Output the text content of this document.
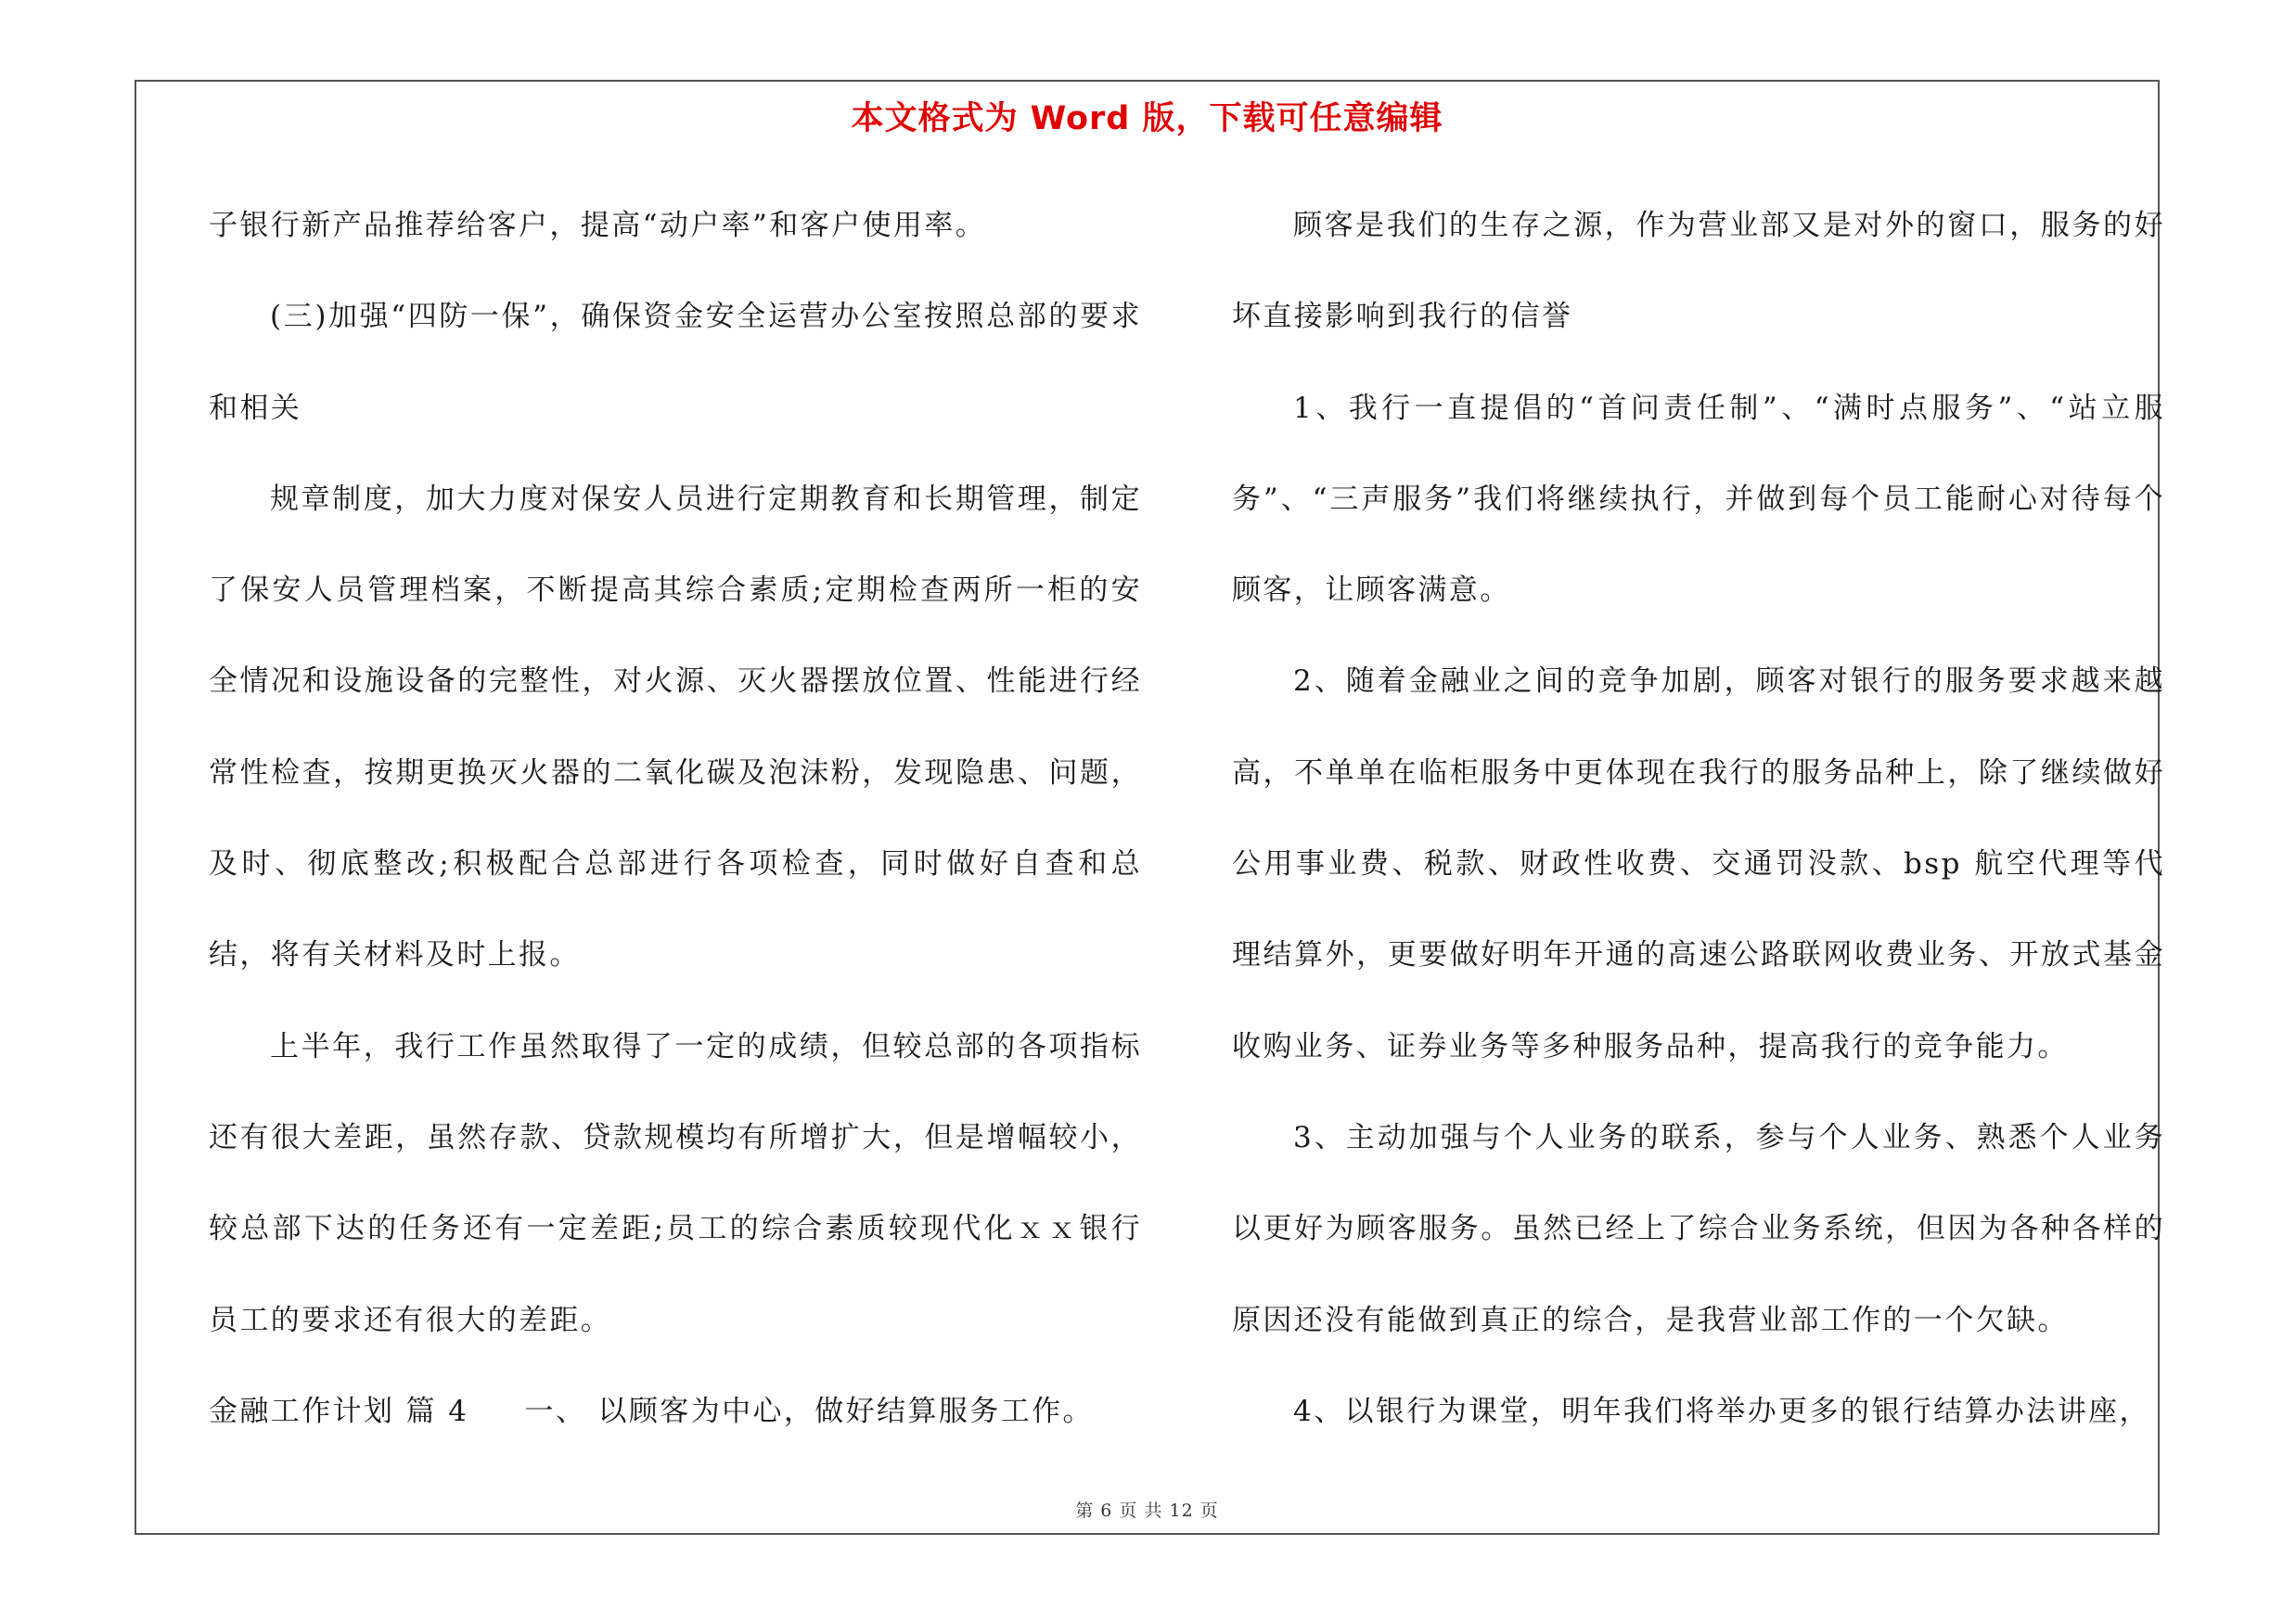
本文格式为 Word 版，下载可任意编辑

子银行新产品推荐给客户，提高“动户率”和客户使用率。

(三)加强“四防一保”，确保资金安全运营办公室按照总部的要求和相关

规章制度，加大力度对保安人员进行定期教育和长期管理，制定了保安人员管理档案，不断提高其综合素质;定期检查两所一柜的安全情况和设施设备的完整性，对火源、灭火器摆放位置、性能进行经常性检查，按期更换灭火器的二氧化碳及泡沫粉，发现隐患、问题，及时、彻底整改;积极配合总部进行各项检查，同时做好自查和总结，将有关材料及时上报。

上半年，我行工作虽然取得了一定的成绩，但较总部的各项指标还有很大差距，虽然存款、贷款规模均有所增扩大，但是增幅较小，较总部下达的任务还有一定差距;员工的综合素质较现代化ｘｘ银行员工的要求还有很大的差距。

金融工作计划 篇 4 一、 以顾客为中心，做好结算服务工作。

顾客是我们的生存之源，作为营业部又是对外的窗口，服务的好坏直接影响到我行的信誉

1、我行一直提倡的“首问责任制”、“满时点服务”、“站立服务”、“三声服务”我们将继续执行，并做到每个员工能耐心对待每个顾客，让顾客满意。

2、随着金融业之间的竞争加剧，顾客对银行的服务要求越来越高，不单单在临柜服务中更体现在我行的服务品种上，除了继续做好公用事业费、税款、财政性收费、交通罚没款、bsp 航空代理等代理结算外，更要做好明年开通的高速公路联网收费业务、开放式基金收购业务、证券业务等多种服务品种，提高我行的竞争能力。

3、主动加强与个人业务的联系，参与个人业务、熟悉个人业务以更好为顾客服务。虽然已经上了综合业务系统，但因为各种各样的原因还没有能做到真正的综合，是我营业部工作的一个欠缺。

4、以银行为课堂，明年我们将举办更多的银行结算办法讲座，

第 6 页 共 12 页
